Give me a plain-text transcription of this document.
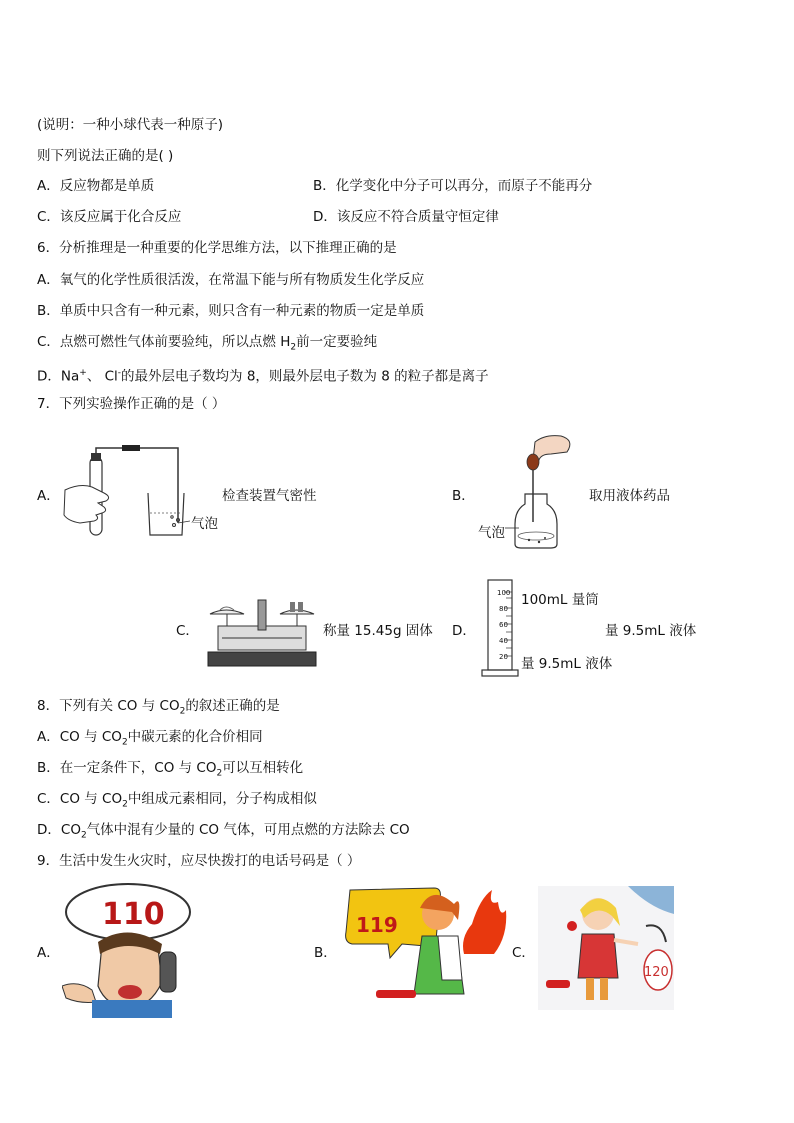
(说明：一种小球代表一种原子)
则下列说法正确的是( )
A．反应物都是单质	B．化学变化中分子可以再分，而原子不能再分
C．该反应属于化合反应	D．该反应不符合质量守恒定律
6．分析推理是一种重要的化学思维方法，以下推理正确的是
A．氧气的化学性质很活泼，在常温下能与所有物质发生化学反应
B．单质中只含有一种元素，则只含有一种元素的物质一定是单质
C．点燃可燃性气体前要验纯，所以点燃 $H_2$前一定要验纯
D．Na+、 Cl-的最外层电子数均为 8，则最外层电子数为 8 的粒子都是离子
7．下列实验操作正确的是（ ）
A．	检查装置气密性
气泡
B．	取用液体药品
气泡
C．	称量 15.45g 固体 D．
100
80
60
40
20
100mL 量筒
量 9.5mL 液体
量 9.5mL 液体
8．下列有关 CO 与 $CO_2$的叙述正确的是
A．CO 与 $CO_2$中碳元素的化合价相同
B．在一定条件下，CO 与 $CO_2$可以互相转化
C．CO 与 $CO_2$中组成元素相同，分子构成相似
D．$CO_2$气体中混有少量的 CO 气体，可用点燃的方法除去 CO
9．生活中发生火灾时，应尽快拨打的电话号码是（ ）
A．
110
B．
119
C．
120
